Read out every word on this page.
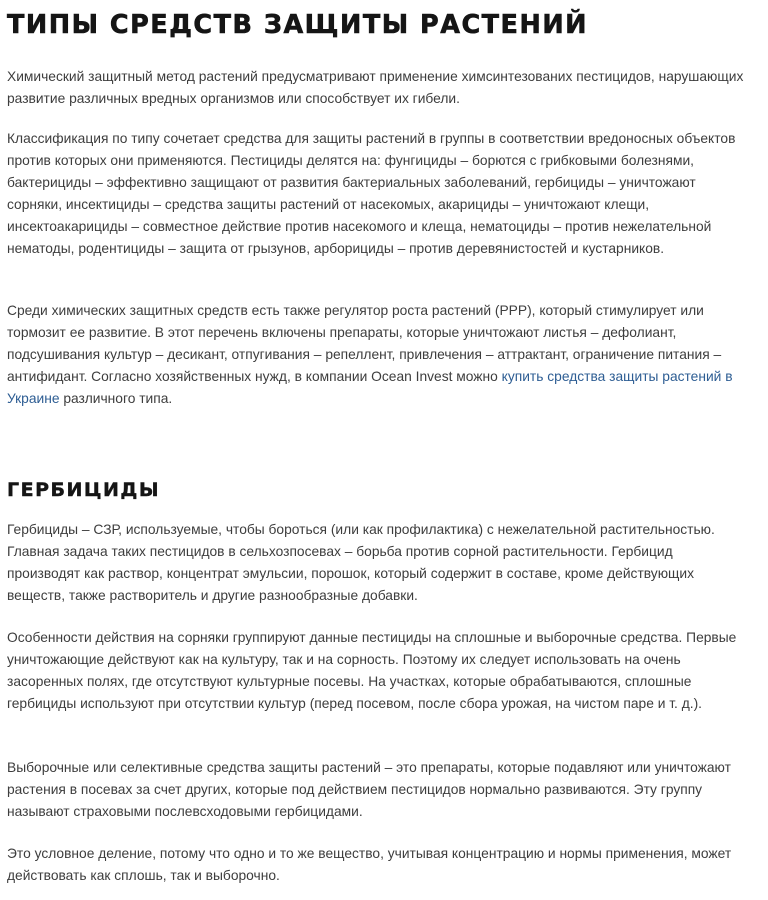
ТИПЫ СРЕДСТВ ЗАЩИТЫ РАСТЕНИЙ

Химический защитный метод растений предусматривают применение химсинтезованих пестицидов, нарушающих развитие различных вредных организмов или способствует их гибели.

Классификация по типу сочетает средства для защиты растений в группы в соответствии вредоносных объектов против которых они применяются. Пестициды делятся на: фунгициды – борются с грибковыми болезнями, бактерициды – эффективно защищают от развития бактериальных заболеваний, гербициды – уничтожают сорняки, инсектициды – средства защиты растений от насекомых, акарициды – уничтожают клещи, инсектоакарициды – совместное действие против насекомого и клеща, нематоциды – против нежелательной нематоды, родентициды – защита от грызунов, арборициды – против деревянистостей и кустарников.

Среди химических защитных средств есть также регулятор роста растений (РРР), который стимулирует или тормозит ее развитие. В этот перечень включены препараты, которые уничтожают листья – дефолиант, подсушивания культур – десикант, отпугивания – репеллент, привлечения – аттрактант, ограничение питания – антифидант. Согласно хозяйственных нужд, в компании Ocean Invest можно купить средства защиты растений в Украине различного типа.

ГЕРБИЦИДЫ

Гербициды – СЗР, используемые, чтобы бороться (или как профилактика) с нежелательной растительностью. Главная задача таких пестицидов в сельхозпосевах – борьба против сорной растительности. Гербицид производят как раствор, концентрат эмульсии, порошок, который содержит в составе, кроме действующих веществ, также растворитель и другие разнообразные добавки.

Особенности действия на сорняки группируют данные пестициды на сплошные и выборочные средства. Первые уничтожающие действуют как на культуру, так и на сорность. Поэтому их следует использовать на очень засоренных полях, где отсутствуют культурные посевы. На участках, которые обрабатываются, сплошные гербициды используют при отсутствии культур (перед посевом, после сбора урожая, на чистом паре и т. д.).

Выборочные или селективные средства защиты растений – это препараты, которые подавляют или уничтожают растения в посевах за счет других, которые под действием пестицидов нормально развиваются. Эту группу называют страховыми послевсходовыми гербицидами.

Это условное деление, потому что одно и то же вещество, учитывая концентрацию и нормы применения, может действовать как сплошь, так и выборочно.
